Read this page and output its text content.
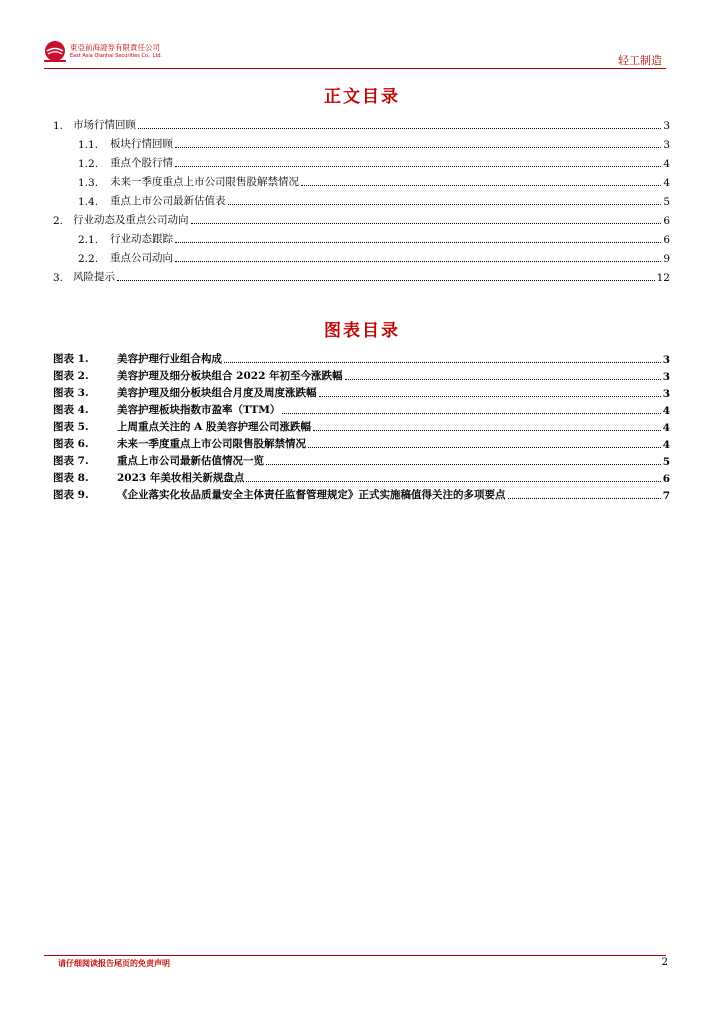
東亞前海證券有限責任公司
East Asia Qianhai Securities Co., Ltd.	轻工制造
正文目录
1. 市场行情回顾	3
1.1.	板块行情回顾	3
1.2.	重点个股行情	4
1.3.	未来一季度重点上市公司限售股解禁情况	4
1.4.	重点上市公司最新估值表	5
2. 行业动态及重点公司动向	6
2.1.	行业动态跟踪	6
2.2.	重点公司动向	9
3. 风险提示	12
图表目录
图表 1.	美容护理行业组合构成	3
图表 2.	美容护理及细分板块组合 2022 年初至今涨跌幅	3
图表 3.	美容护理及细分板块组合月度及周度涨跌幅	3
图表 4.	美容护理板块指数市盈率（TTM）	4
图表 5.	上周重点关注的 A 股美容护理公司涨跌幅	4
图表 6.	未来一季度重点上市公司限售股解禁情况	4
图表 7.	重点上市公司最新估值情况一览	5
图表 8.	2023 年美妆相关新规盘点	6
图表 9.	《企业落实化妆品质量安全主体责任监督管理规定》正式实施稿值得关注的多项要点	7
请仔细阅读报告尾页的免责声明	2
